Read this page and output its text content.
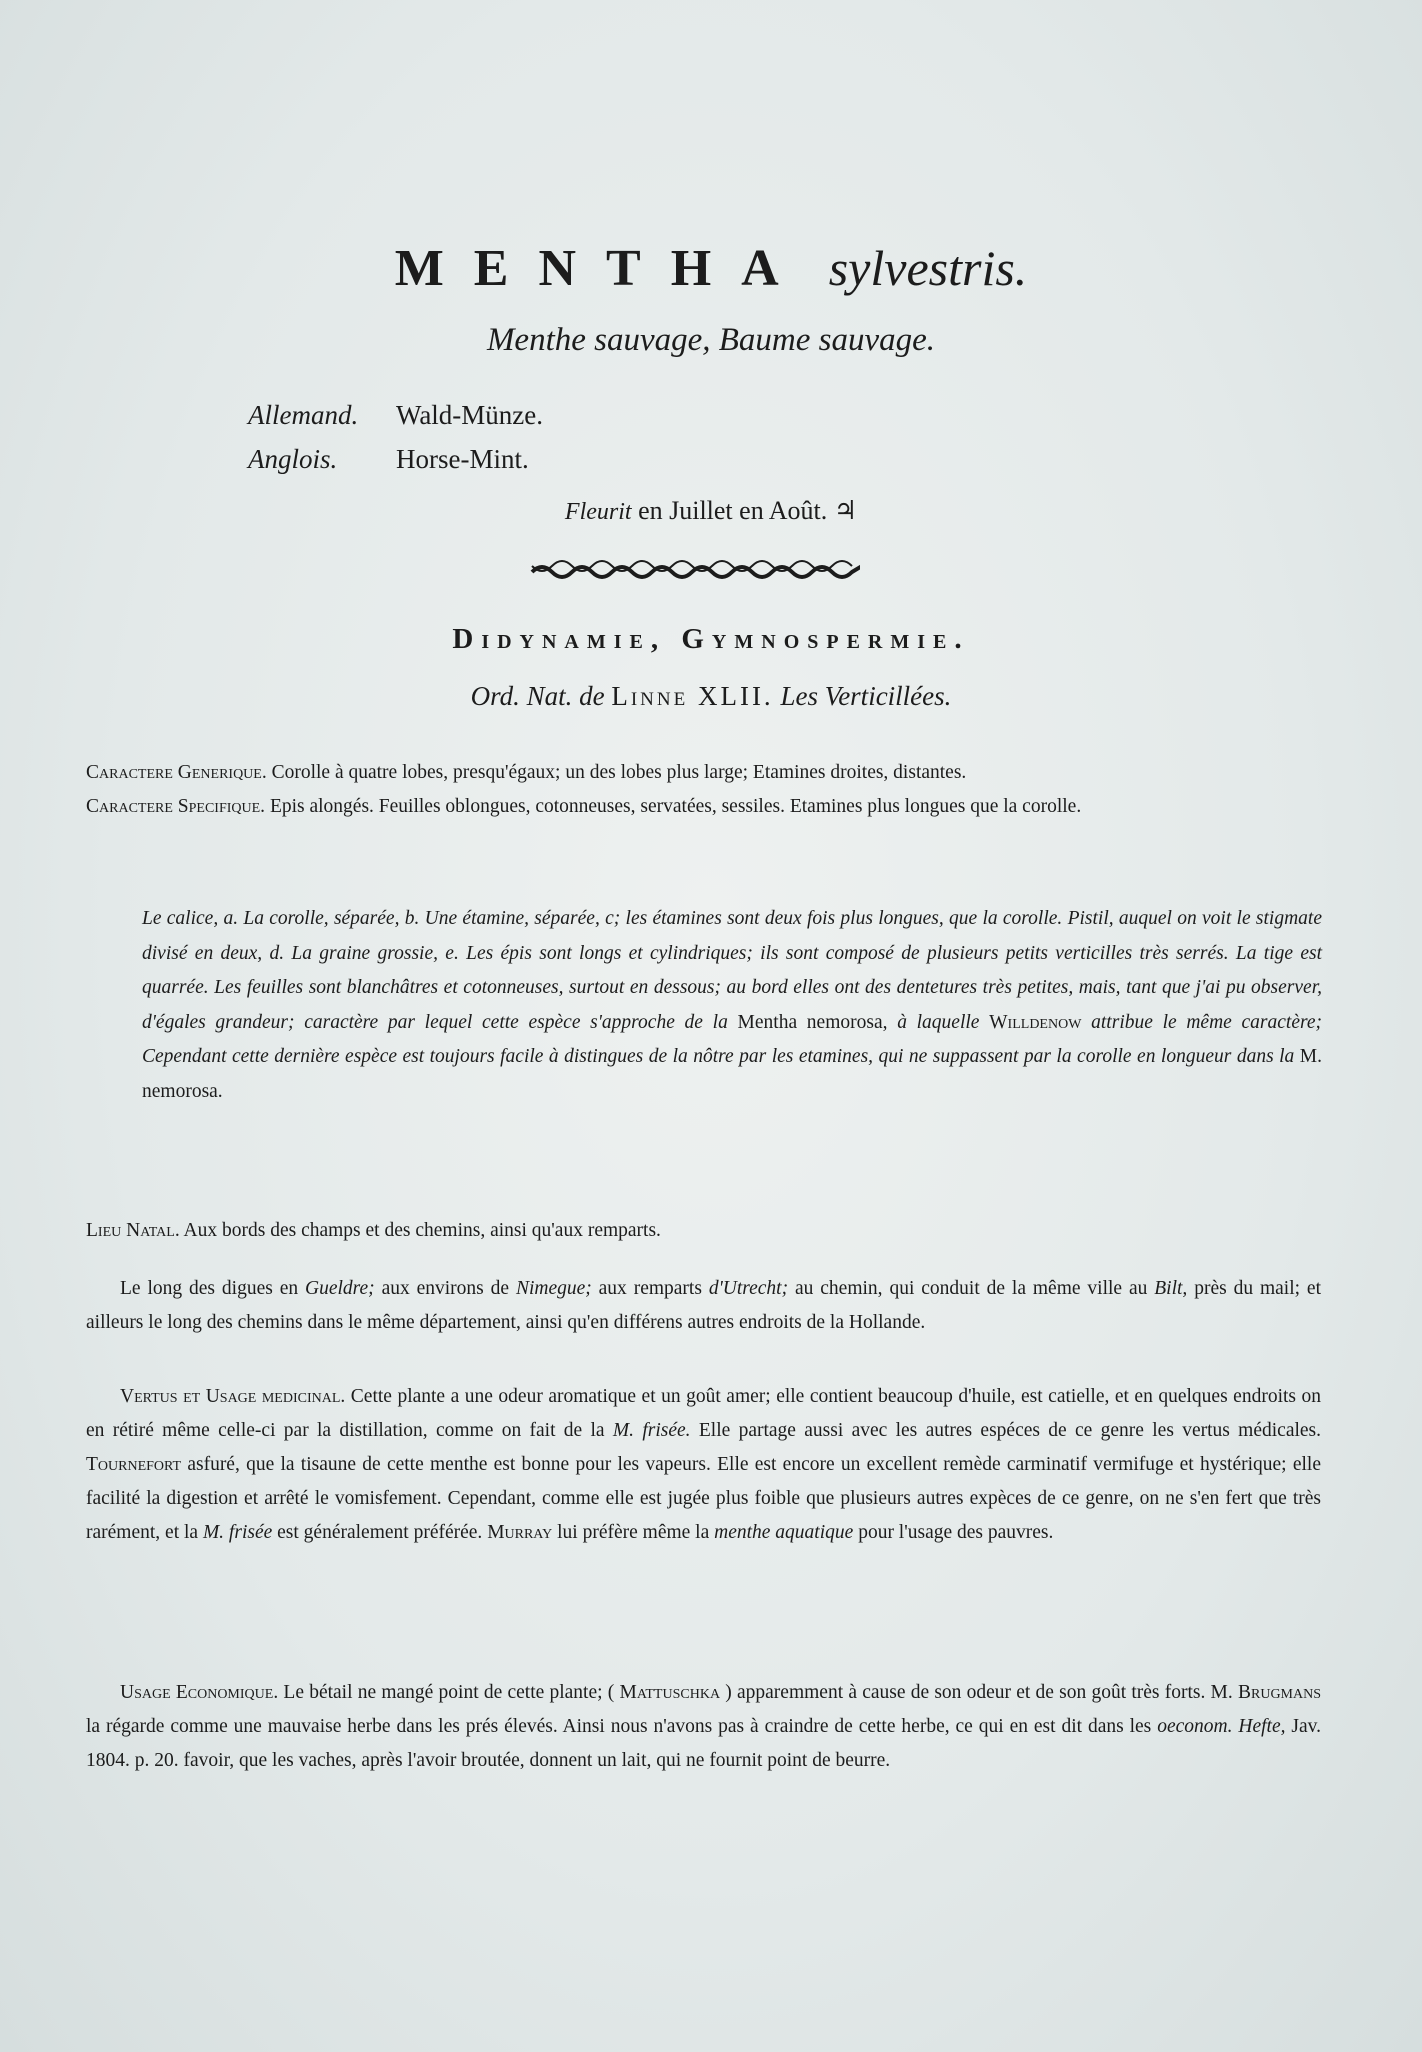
MENTHA sylvestris.
Menthe sauvage, Baume sauvage.
Allemand. Wald-Münze.
Anglois. Horse-Mint.
Fleurit en Juillet en Août. ♃
Didynamie, Gymnospermie.
Ord. Nat. de Linne XLII. Les Verticillées.

Caractere Generique. Corolle à quatre lobes, presqu'égaux; un des lobes plus large; Etamines droites, distantes.

Caractere Specifique. Epis alongés. Feuilles oblongues, cotonneuses, servatées, sessiles. Etamines plus longues que la corolle.

Le calice, a. La corolle, séparée, b. Une étamine, séparée, c; les étamines sont deux fois plus longues, que la corolle. Pistil, auquel on voit le stigmate divisé en deux, d. La graine grossie, e. Les épis sont longs et cylindriques; ils sont composé de plusieurs petits verticilles très serrés. La tige est quarrée. Les feuilles sont blanchâtres et cotonneuses, surtout en dessous; au bord elles ont des dentetures très petites, mais, tant que j'ai pu observer, d'égales grandeur; caractère par lequel cette espèce s'approche de la Mentha nemorosa, à laquelle Willdenow attribue le même caractère; Cependant cette dernière espèce est toujours facile à distingues de la nôtre par les etamines, qui ne suppassent par la corolle en longueur dans la M. nemorosa.
Lieu Natal. Aux bords des champs et des chemins, ainsi qu'aux remparts.
Le long des digues en Gueldre; aux environs de Nimegue; aux remparts d'Utrecht; au chemin, qui conduit de la même ville au Bilt, près du mail; et ailleurs le long des chemins dans le même département, ainsi qu'en différens autres endroits de la Hollande.
Vertus et Usage medicinal. Cette plante a une odeur aromatique et un goût amer; elle contient beaucoup d'huile, est catielle, et en quelques endroits on en rétiré même celle-ci par la distillation, comme on fait de la M. frisée. Elle partage aussi avec les autres espéces de ce genre les vertus médicales. Tournefort asfuré, que la tisaune de cette menthe est bonne pour les vapeurs. Elle est encore un excellent remède carminatif vermifuge et hystérique; elle facilité la digestion et arrêté le vomisfement. Cependant, comme elle est jugée plus foible que plusieurs autres expèces de ce genre, on ne s'en fert que très rarément, et la M. frisée est généralement préférée. Murray lui préfère même la menthe aquatique pour l'usage des pauvres.
Usage Economique. Le bétail ne mangé point de cette plante; ( Mattuschka ) apparemment à cause de son odeur et de son goût très forts. M. Brugmans la régarde comme une mauvaise herbe dans les prés élevés. Ainsi nous n'avons pas à craindre de cette herbe, ce qui en est dit dans les oeconom. Hefte, Jav. 1804. p. 20. favoir, que les vaches, après l'avoir broutée, donnent un lait, qui ne fournit point de beurre.
